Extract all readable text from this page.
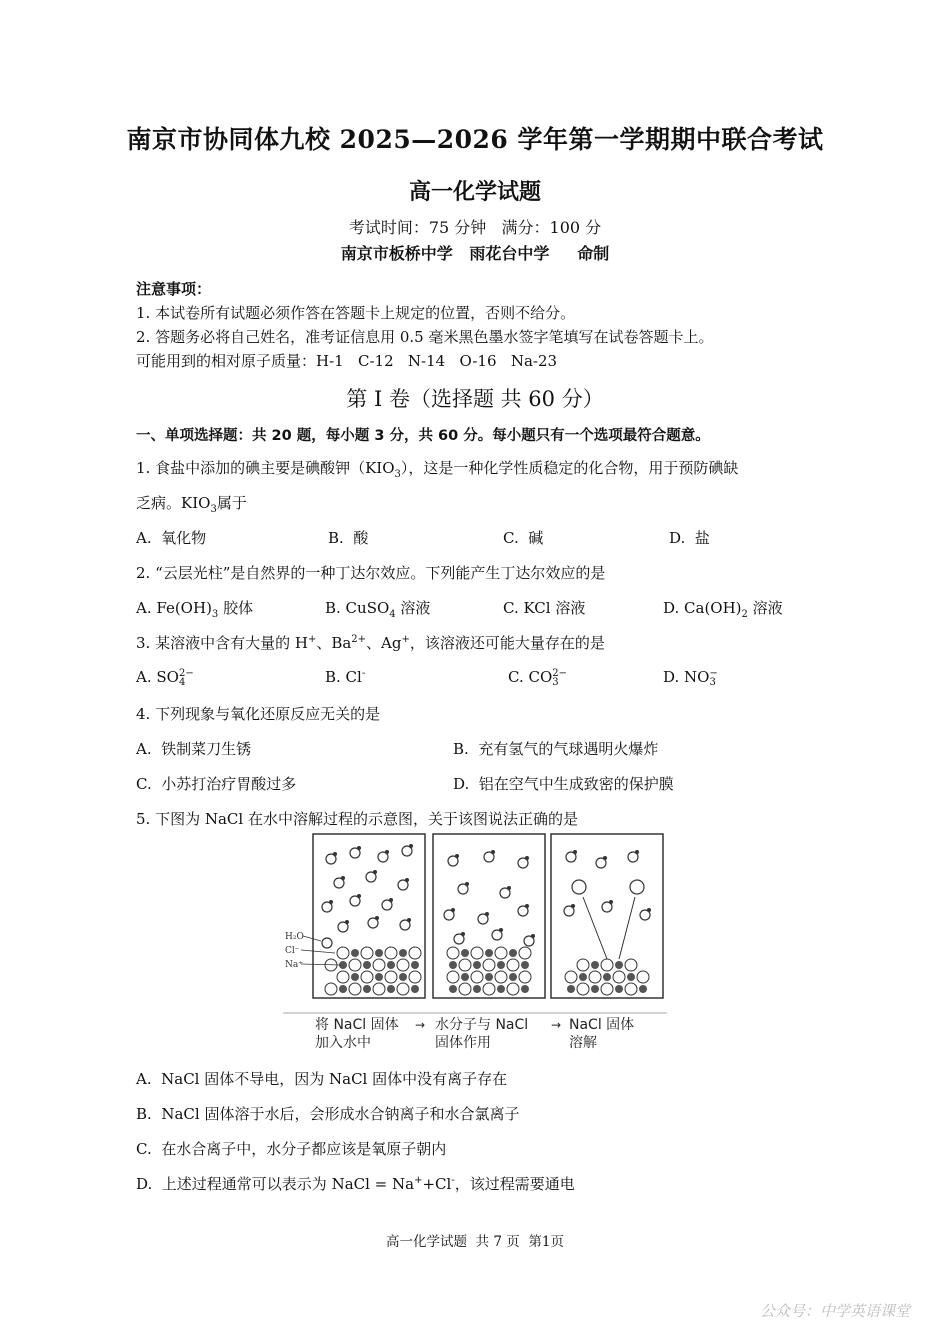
南京市协同体九校 2025—2026 学年第一学期期中联合考试
高一化学试题
考试时间：75 分钟   满分：100 分
南京市板桥中学   雨花台中学     命制
注意事项：
1. 本试卷所有试题必须作答在答题卡上规定的位置，否则不给分。
2. 答题务必将自己姓名，准考证信息用 0.5 毫米黑色墨水签字笔填写在试卷答题卡上。
可能用到的相对原子质量：H-1   C-12   N-14   O-16   Na-23
第 I 卷（选择题 共 60 分）
一、单项选择题：共 20 题，每小题 3 分，共 60 分。每小题只有一个选项最符合题意。
1. 食盐中添加的碘主要是碘酸钾$(KIO_3)$，这是一种化学性质稳定的化合物，用于预防碘缺
乏病。$KIO_3$属于
A.  氧化物	B.  酸	C.  碱	D.  盐
2. “云层光柱”是自然界的一种丁达尔效应。下列能产生丁达尔效应的是
A. $Fe(OH)_3$ 胶体	B. CuSO$_4$ 溶液	C. KCl 溶液	D. $Ca(OH)_2$ 溶液
3. 某溶液中含有大量的 H+、$Ba^{2+}$、Ag+，该溶液还可能大量存在的是
A. SO 2−
4	B. Cl-	C. CO 2−
3	D. NO −
3
4. 下列现象与氧化还原反应无关的是
A.  铁制菜刀生锈	B.  充有氢气的气球遇明火爆炸
C.  小苏打治疗胃酸过多	D.  铝在空气中生成致密的保护膜
5. 下图为 NaCl 在水中溶解过程的示意图，关于该图说法正确的是
H₂O
Cl⁻
Na⁺
将 NaCl 固体
加入水中
→ 水分子与 NaCl
固体作用
→ NaCl 固体
溶解
A.  NaCl 固体不导电，因为 NaCl 固体中没有离子存在
B.  NaCl 固体溶于水后，会形成水合钠离子和水合氯离子
C.  在水合离子中，水分子都应该是氧原子朝内
D.  上述过程通常可以表示为 NaCl = Na++Cl-，该过程需要通电
高一化学试题  共 7 页  第1页
公众号：中学英语课堂
